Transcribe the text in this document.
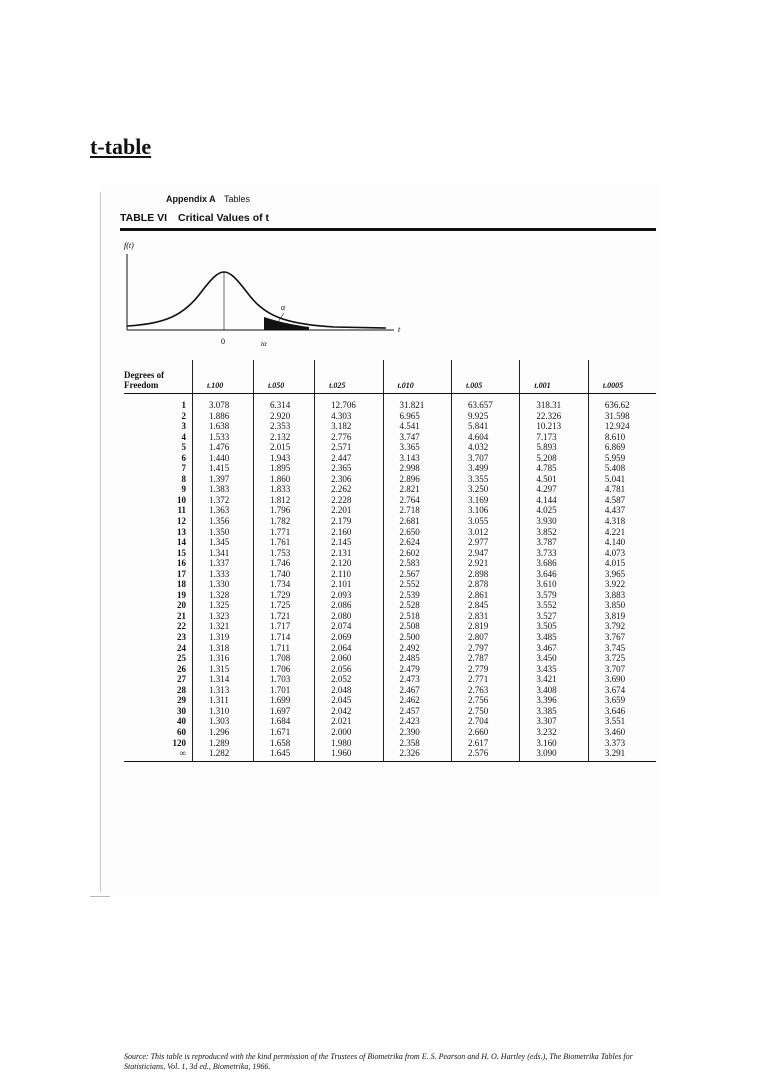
t-table
Appendix A Tables
TABLE VI Critical Values of t
f(t)
α
t
0	tα
Degrees of Freedom	t.100	t.050	t.025	t.010	t.005	t.001	t.0005
1	3.078	6.314	12.706	31.821	63.657	318.31	636.62
2	1.886	2.920	4.303	6.965	9.925	22.326	31.598
3	1.638	2.353	3.182	4.541	5.841	10.213	12.924
4	1.533	2.132	2.776	3.747	4.604	7.173	8.610
5	1.476	2.015	2.571	3.365	4.032	5.893	6.869
6	1.440	1.943	2.447	3.143	3.707	5.208	5.959
7	1.415	1.895	2.365	2.998	3.499	4.785	5.408
8	1.397	1.860	2.306	2.896	3.355	4.501	5.041
9	1.383	1.833	2.262	2.821	3.250	4.297	4.781
10	1.372	1.812	2.228	2.764	3.169	4.144	4.587
11	1.363	1.796	2.201	2.718	3.106	4.025	4.437
12	1.356	1.782	2.179	2.681	3.055	3.930	4.318
13	1.350	1.771	2.160	2.650	3.012	3.852	4.221
14	1.345	1.761	2.145	2.624	2.977	3.787	4.140
15	1.341	1.753	2.131	2.602	2.947	3.733	4.073
16	1.337	1.746	2.120	2.583	2.921	3.686	4.015
17	1.333	1.740	2.110	2.567	2.898	3.646	3.965
18	1.330	1.734	2.101	2.552	2.878	3.610	3.922
19	1.328	1.729	2.093	2.539	2.861	3.579	3.883
20	1.325	1.725	2.086	2.528	2.845	3.552	3.850
21	1.323	1.721	2.080	2.518	2.831	3.527	3.819
22	1.321	1.717	2.074	2.508	2.819	3.505	3.792
23	1.319	1.714	2.069	2.500	2.807	3.485	3.767
24	1.318	1.711	2.064	2.492	2.797	3.467	3.745
25	1.316	1.708	2.060	2.485	2.787	3.450	3.725
26	1.315	1.706	2.056	2.479	2.779	3.435	3.707
27	1.314	1.703	2.052	2.473	2.771	3.421	3.690
28	1.313	1.701	2.048	2.467	2.763	3.408	3.674
29	1.311	1.699	2.045	2.462	2.756	3.396	3.659
30	1.310	1.697	2.042	2.457	2.750	3.385	3.646
40	1.303	1.684	2.021	2.423	2.704	3.307	3.551
60	1.296	1.671	2.000	2.390	2.660	3.232	3.460
120	1.289	1.658	1.980	2.358	2.617	3.160	3.373
∞	1.282	1.645	1.960	2.326	2.576	3.090	3.291
Source: This table is reproduced with the kind permission of the Trustees of Biometrika from E. S. Pearson and H. O. Hartley (eds.), The Biometrika Tables for Statisticians, Vol. 1, 3d ed., Biometrika, 1966.
